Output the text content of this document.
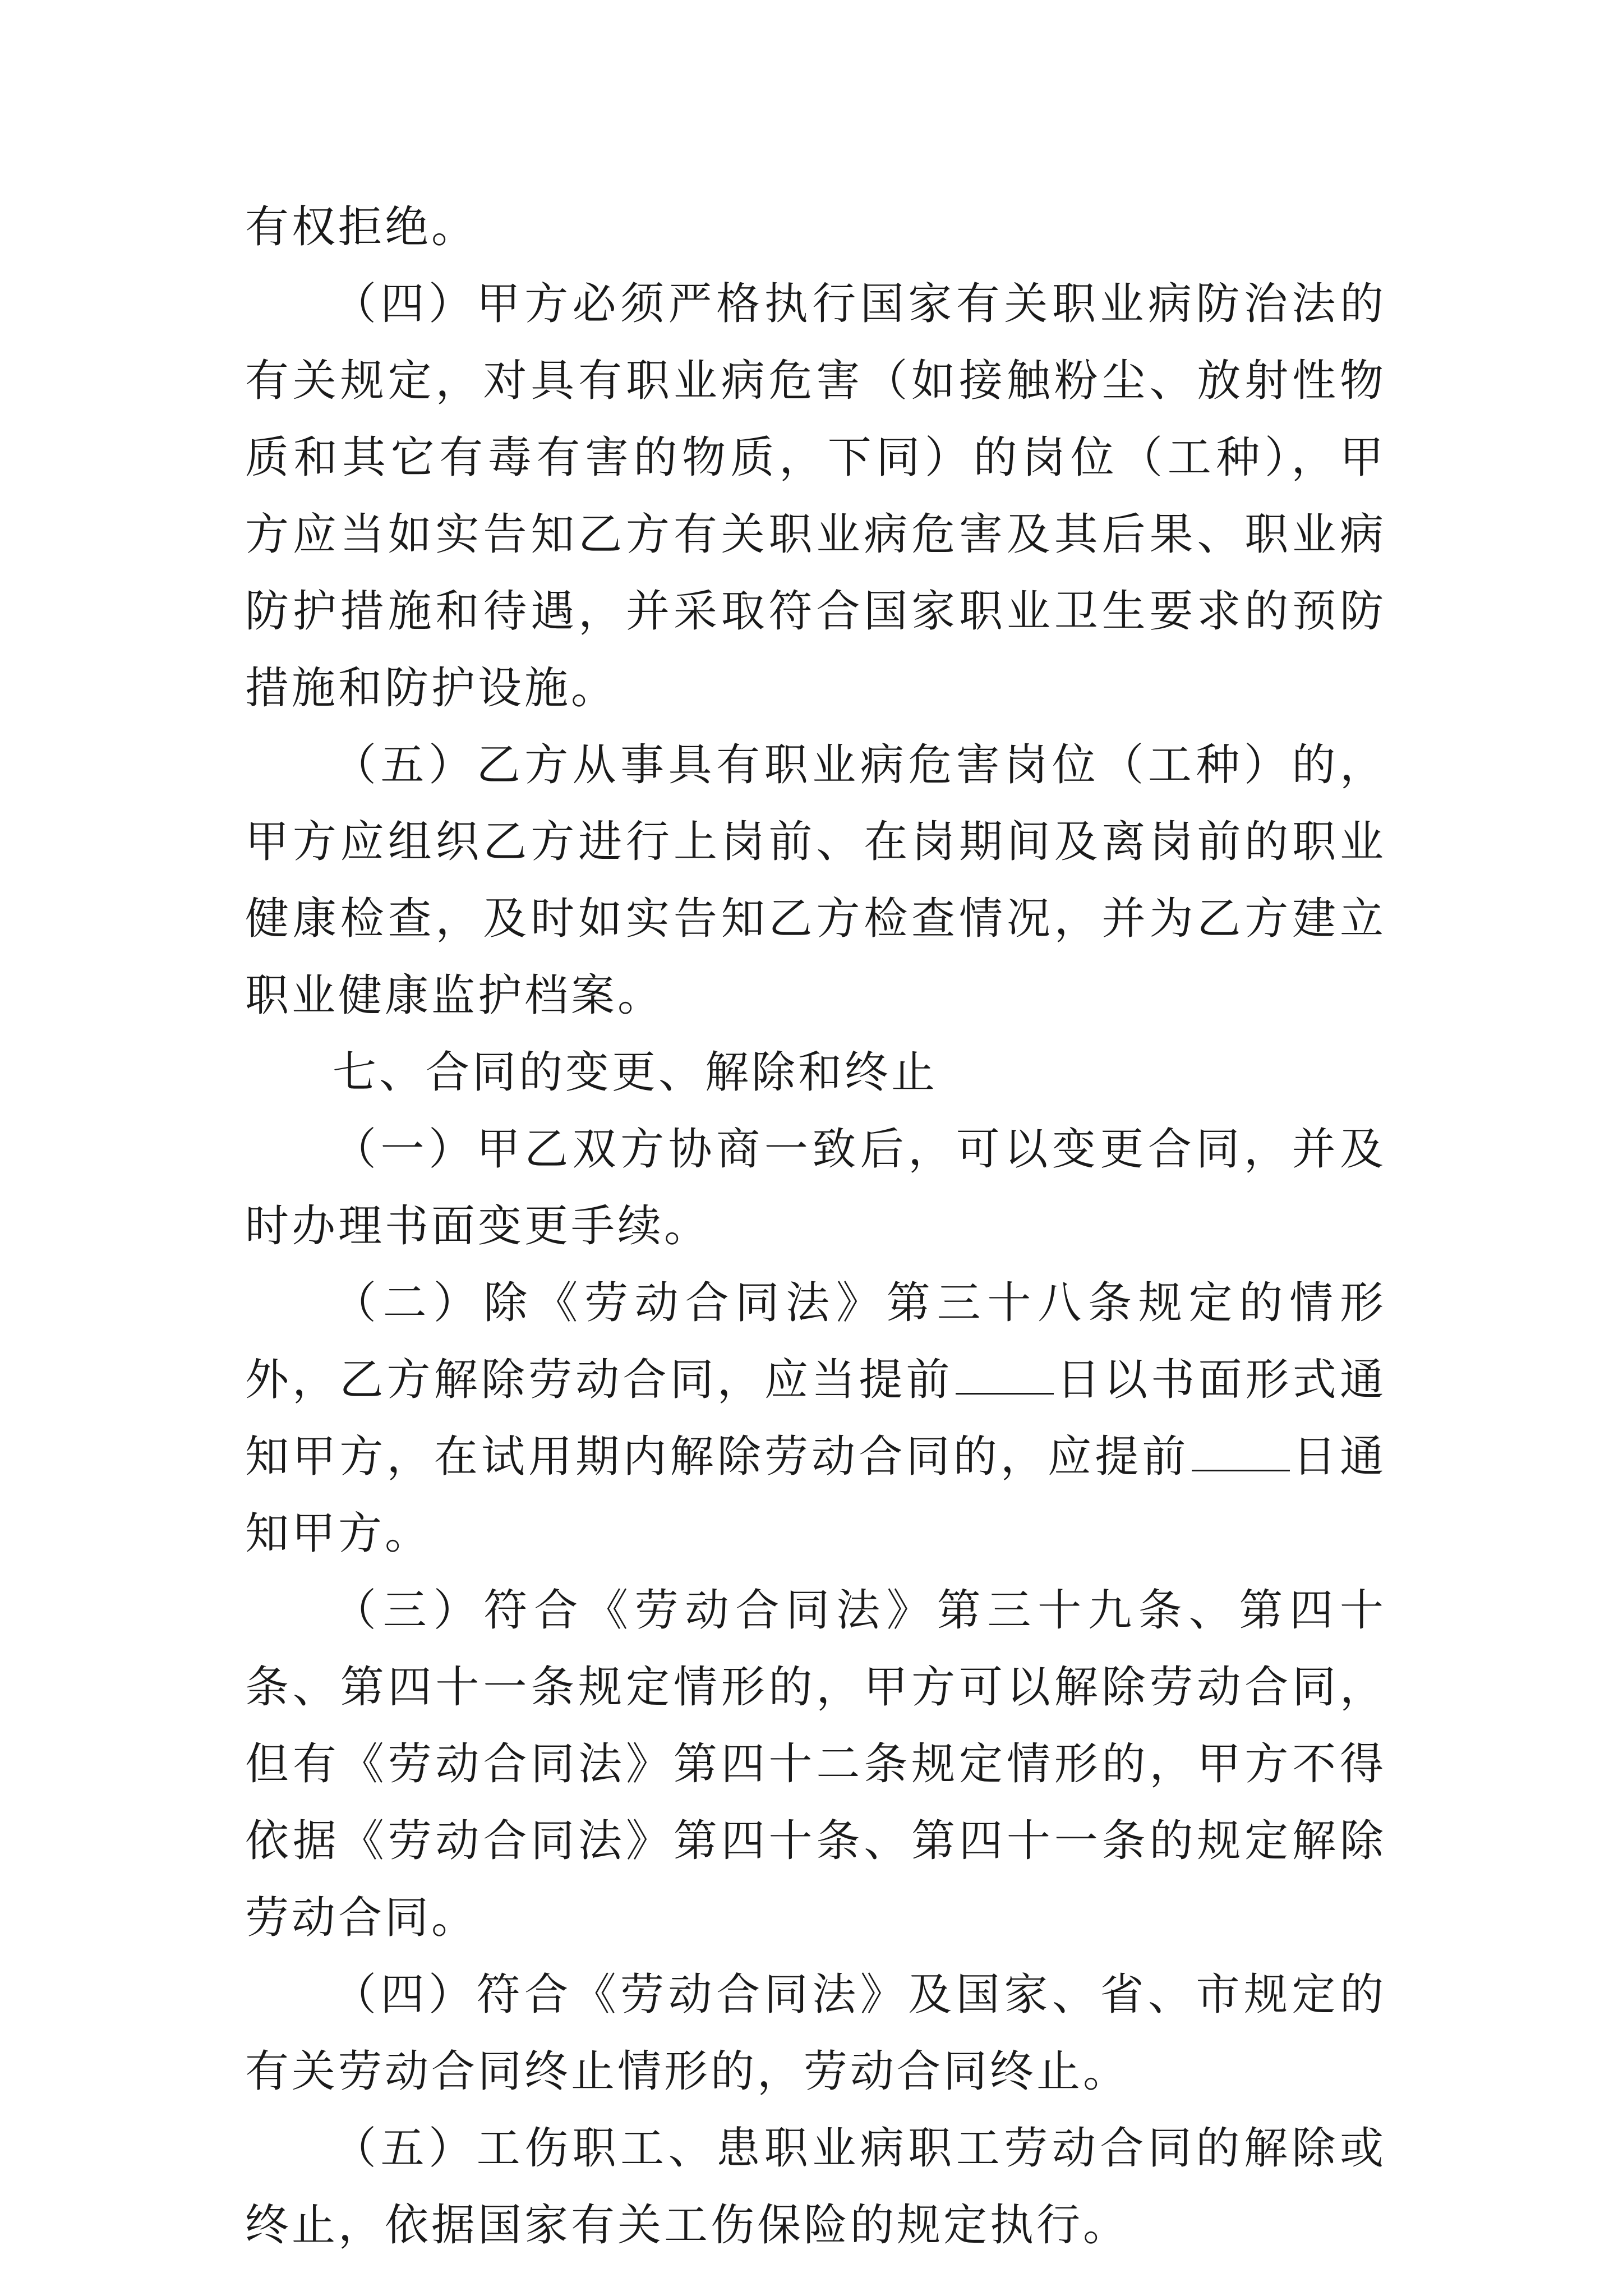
有权拒绝。

（四）甲方必须严格执行国家有关职业病防治法的有关规定，对具有职业病危害（如接触粉尘、放射性物质和其它有毒有害的物质，下同）的岗位（工种），甲方应当如实告知乙方有关职业病危害及其后果、职业病防护措施和待遇，并采取符合国家职业卫生要求的预防措施和防护设施。

（五）乙方从事具有职业病危害岗位（工种）的，甲方应组织乙方进行上岗前、在岗期间及离岗前的职业健康检查，及时如实告知乙方检查情况，并为乙方建立职业健康监护档案。

七、合同的变更、解除和终止

（一）甲乙双方协商一致后，可以变更合同，并及时办理书面变更手续。

（二）除《劳动合同法》第三十八条规定的情形外，乙方解除劳动合同，应当提前 日以书面形式通知甲方，在试用期内解除劳动合同的，应提前 日通知甲方。

（三）符合《劳动合同法》第三十九条、第四十条、第四十一条规定情形的，甲方可以解除劳动合同，但有《劳动合同法》第四十二条规定情形的，甲方不得依据《劳动合同法》第四十条、第四十一条的规定解除劳动合同。

（四）符合《劳动合同法》及国家、省、市规定的有关劳动合同终止情形的，劳动合同终止。

（五）工伤职工、患职业病职工劳动合同的解除或终止，依据国家有关工伤保险的规定执行。
